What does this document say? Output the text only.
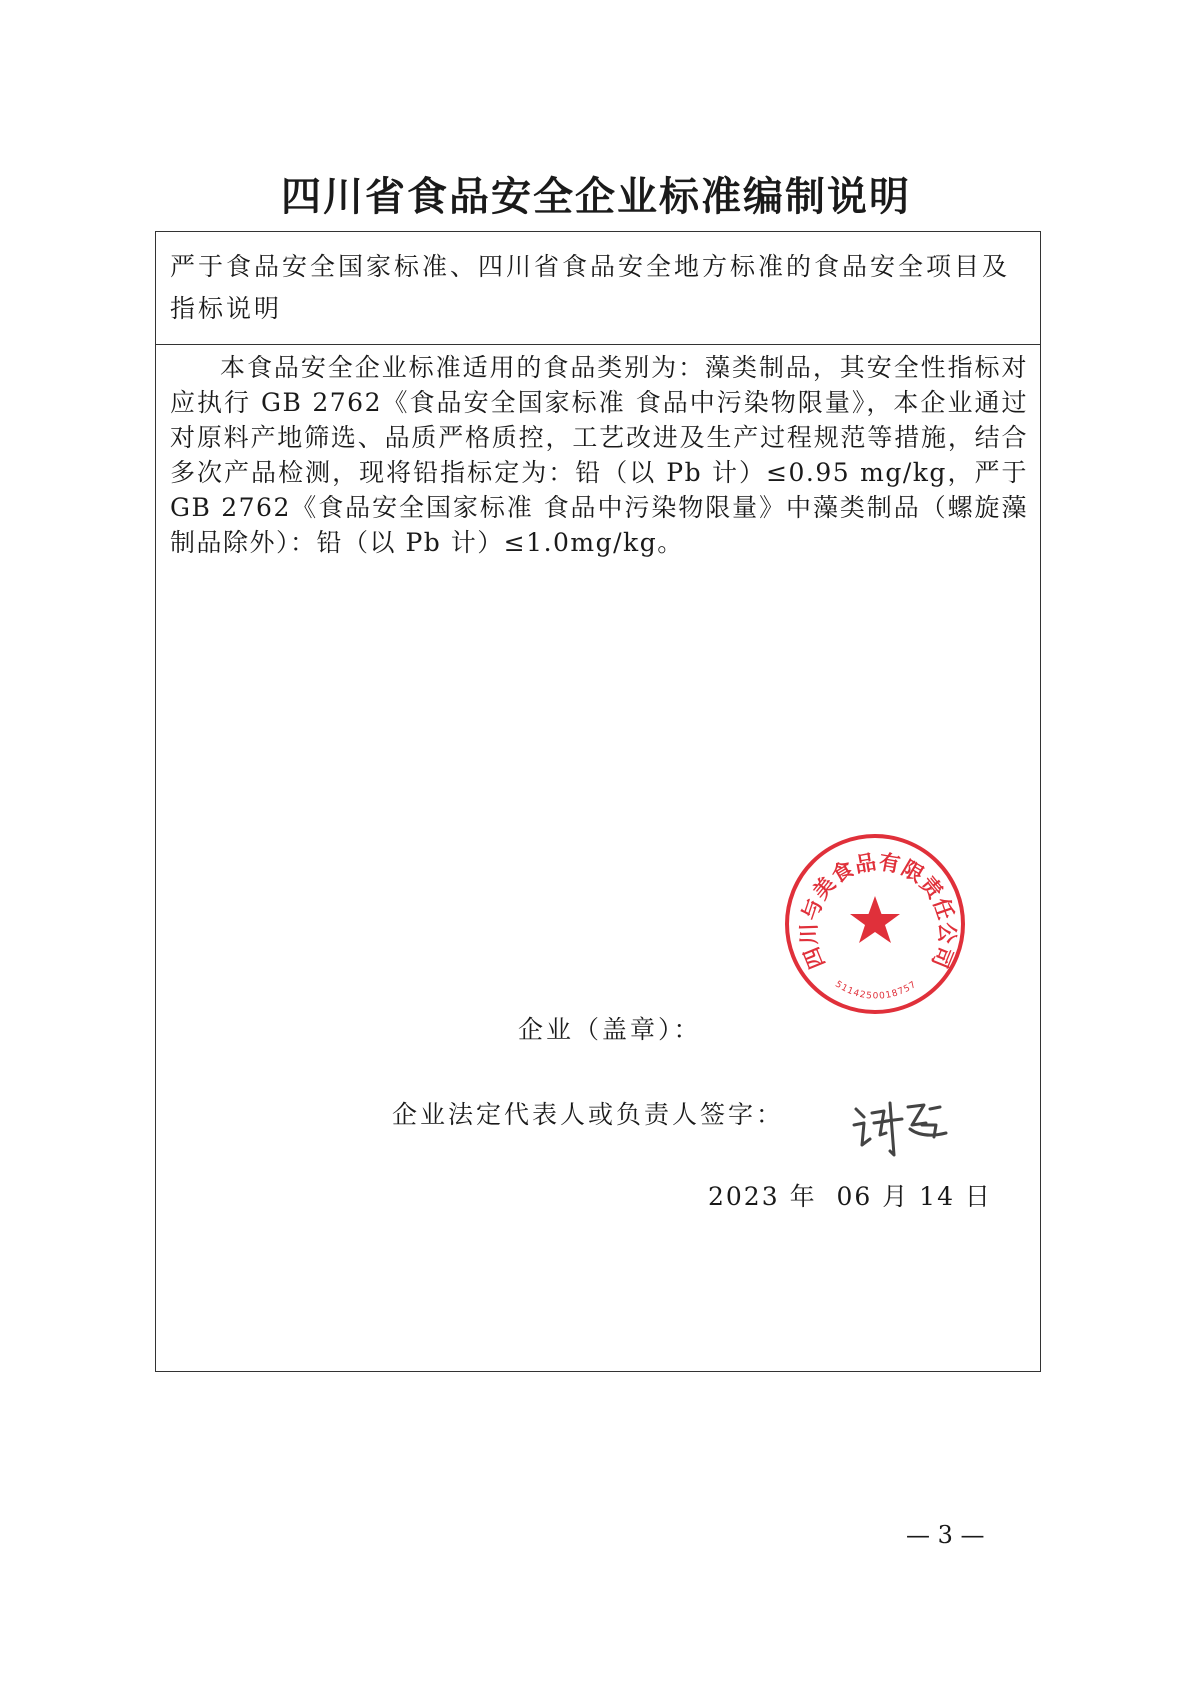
四川省食品安全企业标准编制说明
严于食品安全国家标准、四川省食品安全地方标准的食品安全项目及指标说明

本食品安全企业标准适用的食品类别为：藻类制品，其安全性指标对应执行 GB 2762《食品安全国家标准 食品中污染物限量》，本企业通过对原料产地筛选、品质严格质控，工艺改进及生产过程规范等措施，结合多次产品检测，现将铅指标定为：铅（以 Pb 计）≤0.95 mg/kg，严于 GB 2762《食品安全国家标准 食品中污染物限量》中藻类制品（螺旋藻制品除外）：铅（以 Pb 计）≤1.0mg/kg。

四川与美食品有限责任公司
5114250018757
企业（盖章）：
企业法定代表人或负责人签字：
2023 年  06 月 14 日
— 3 —
